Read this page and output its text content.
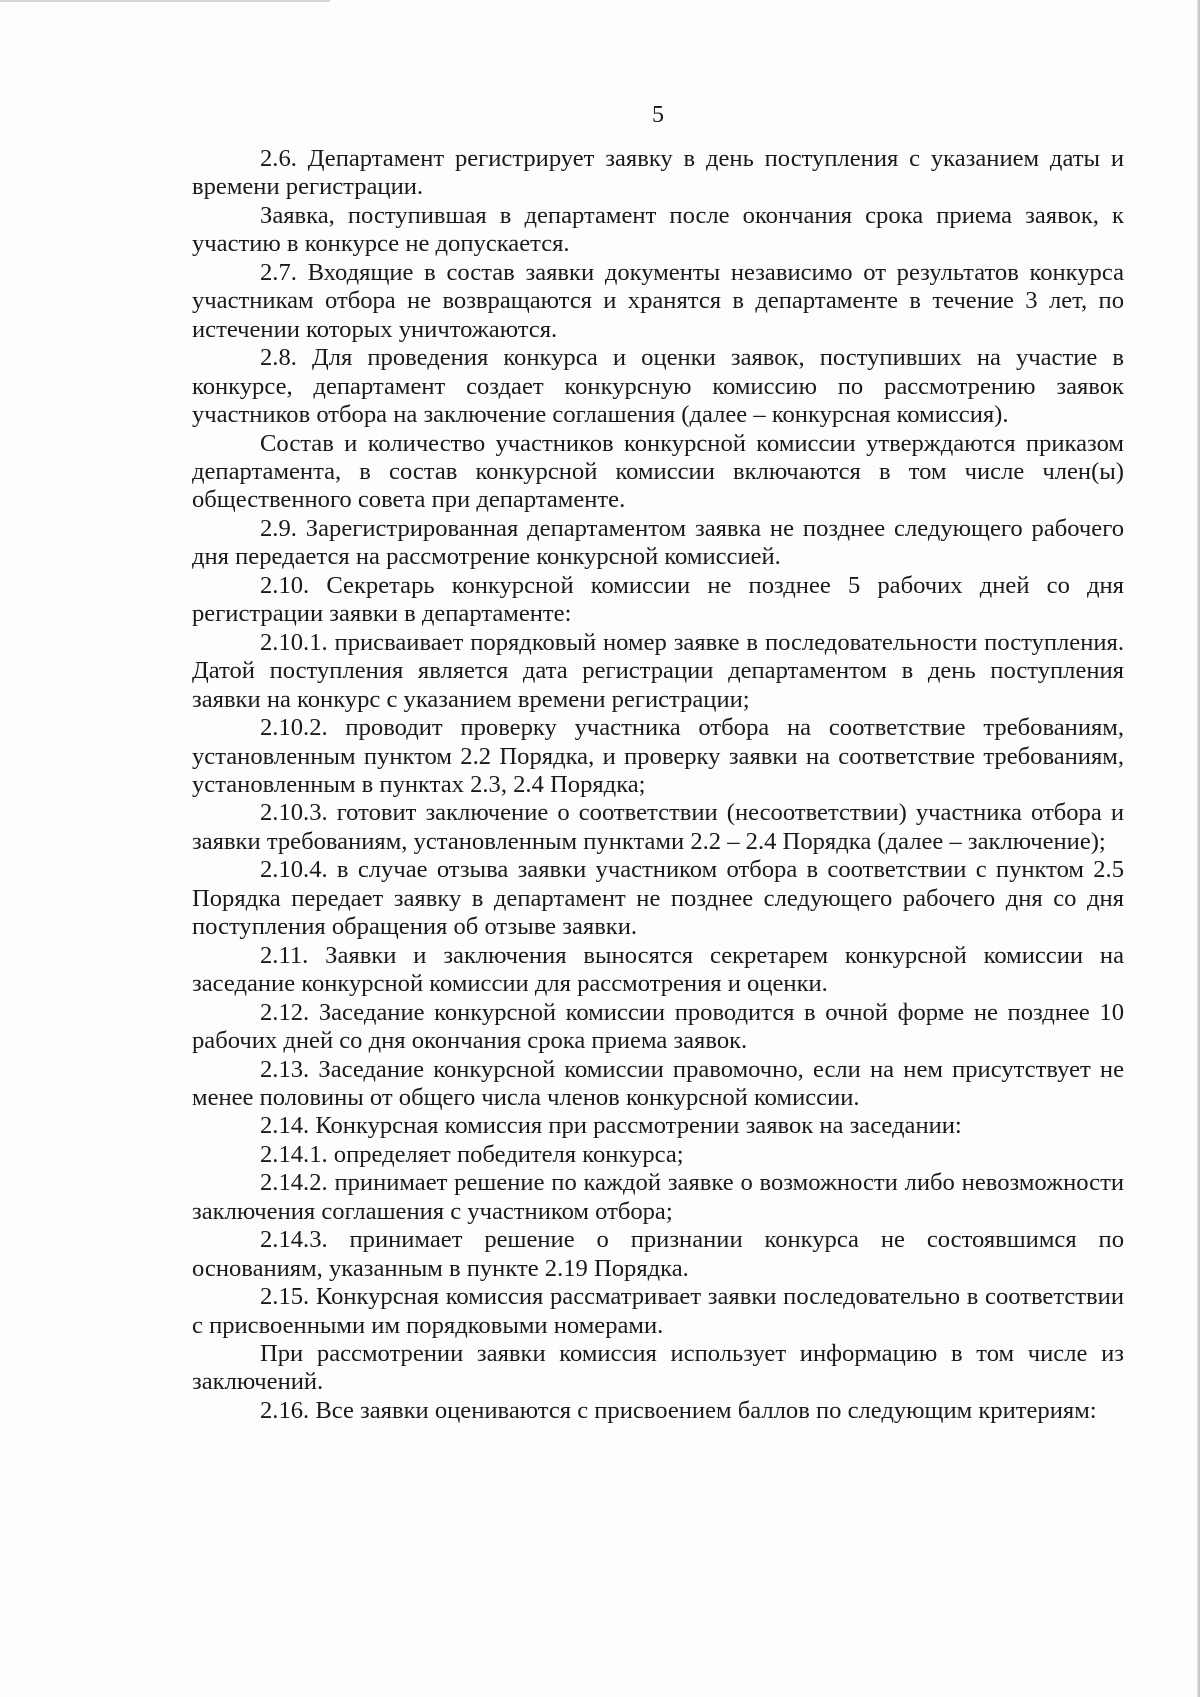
5

2.6. Департамент регистрирует заявку в день поступления с указанием даты и времени регистрации.

Заявка, поступившая в департамент после окончания срока приема заявок, к участию в конкурсе не допускается.

2.7. Входящие в состав заявки документы независимо от результатов конкурса участникам отбора не возвращаются и хранятся в департаменте в течение 3 лет, по истечении которых уничтожаются.

2.8. Для проведения конкурса и оценки заявок, поступивших на участие в конкурсе, департамент создает конкурсную комиссию по рассмотрению заявок участников отбора на заключение соглашения (далее – конкурсная комиссия).

Состав и количество участников конкурсной комиссии утверждаются приказом департамента, в состав конкурсной комиссии включаются в том числе член(ы) общественного совета при департаменте.

2.9. Зарегистрированная департаментом заявка не позднее следующего рабочего дня передается на рассмотрение конкурсной комиссией.

2.10. Секретарь конкурсной комиссии не позднее 5 рабочих дней со дня регистрации заявки в департаменте:

2.10.1. присваивает порядковый номер заявке в последовательности поступления. Датой поступления является дата регистрации департаментом в день поступления заявки на конкурс с указанием времени регистрации;

2.10.2. проводит проверку участника отбора на соответствие требованиям, установленным пунктом 2.2 Порядка, и проверку заявки на соответствие требованиям, установленным в пунктах 2.3, 2.4 Порядка;

2.10.3. готовит заключение о соответствии (несоответствии) участника отбора и заявки требованиям, установленным пунктами 2.2 – 2.4 Порядка (далее – заключение);

2.10.4. в случае отзыва заявки участником отбора в соответствии с пунктом 2.5 Порядка передает заявку в департамент не позднее следующего рабочего дня со дня поступления обращения об отзыве заявки.

2.11. Заявки и заключения выносятся секретарем конкурсной комиссии на заседание конкурсной комиссии для рассмотрения и оценки.

2.12. Заседание конкурсной комиссии проводится в очной форме не позднее 10 рабочих дней со дня окончания срока приема заявок.

2.13. Заседание конкурсной комиссии правомочно, если на нем присутствует не менее половины от общего числа членов конкурсной комиссии.

2.14. Конкурсная комиссия при рассмотрении заявок на заседании:

2.14.1. определяет победителя конкурса;

2.14.2. принимает решение по каждой заявке о возможности либо невозможности заключения соглашения с участником отбора;

2.14.3. принимает решение о признании конкурса не состоявшимся по основаниям, указанным в пункте 2.19 Порядка.

2.15. Конкурсная комиссия рассматривает заявки последовательно в соответствии с присвоенными им порядковыми номерами.

При рассмотрении заявки комиссия использует информацию в том числе из заключений.

2.16. Все заявки оцениваются с присвоением баллов по следующим критериям:
